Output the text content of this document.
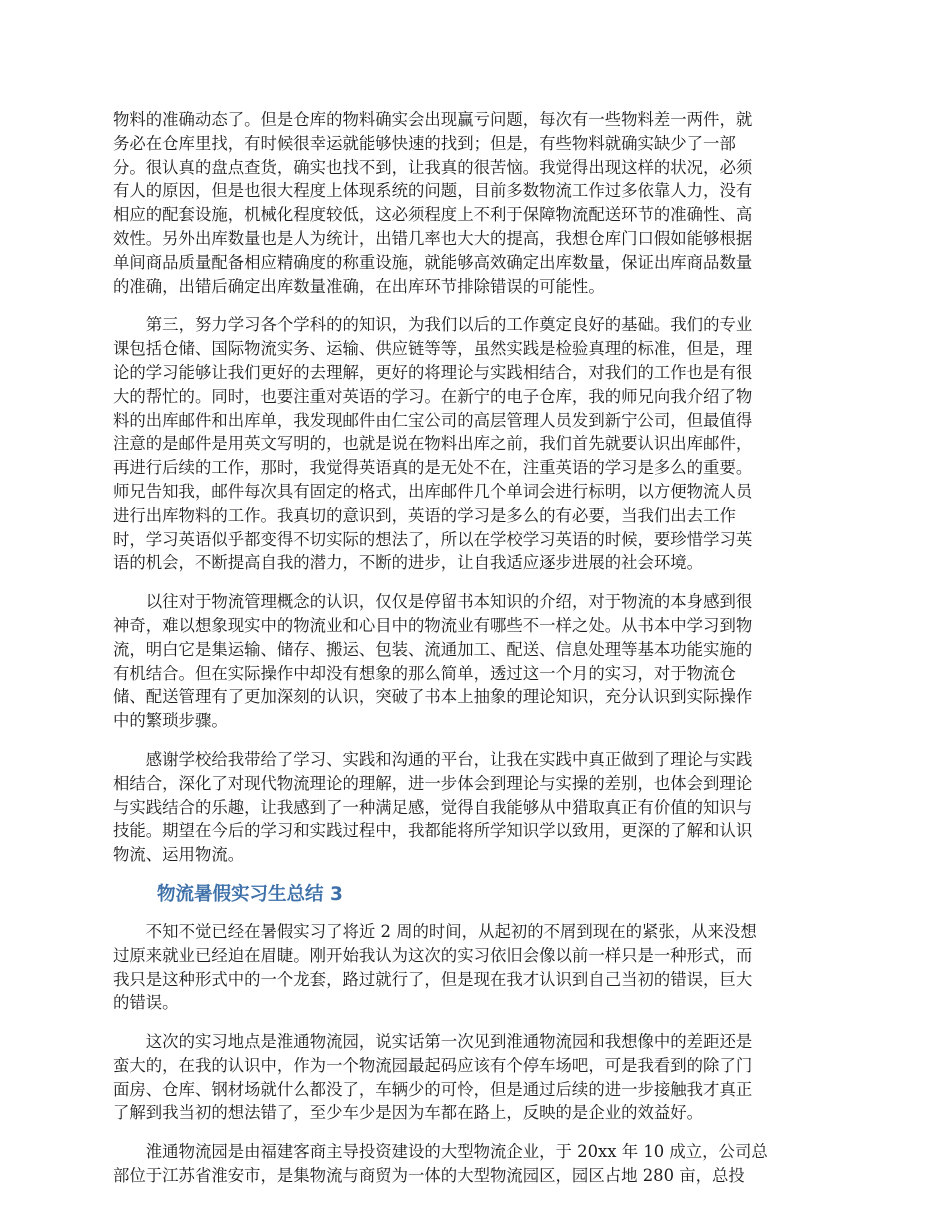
物料的准确动态了。但是仓库的物料确实会出现赢亏问题，每次有一些物料差一两件，就
务必在仓库里找，有时候很幸运就能够快速的找到；但是，有些物料就确实缺少了一部
分。很认真的盘点查货，确实也找不到，让我真的很苦恼。我觉得出现这样的状况，必须
有人的原因，但是也很大程度上体现系统的问题，目前多数物流工作过多依靠人力，没有
相应的配套设施，机械化程度较低，这必须程度上不利于保障物流配送环节的准确性、高
效性。另外出库数量也是人为统计，出错几率也大大的提高，我想仓库门口假如能够根据
单间商品质量配备相应精确度的称重设施，就能够高效确定出库数量，保证出库商品数量
的准确，出错后确定出库数量准确，在出库环节排除错误的可能性。

第三，努力学习各个学科的的知识，为我们以后的工作奠定良好的基础。我们的专业
课包括仓储、国际物流实务、运输、供应链等等，虽然实践是检验真理的标准，但是，理
论的学习能够让我们更好的去理解，更好的将理论与实践相结合，对我们的工作也是有很
大的帮忙的。同时，也要注重对英语的学习。在新宁的电子仓库，我的师兄向我介绍了物
料的出库邮件和出库单，我发现邮件由仁宝公司的高层管理人员发到新宁公司，但最值得
注意的是邮件是用英文写明的，也就是说在物料出库之前，我们首先就要认识出库邮件，
再进行后续的工作，那时，我觉得英语真的是无处不在，注重英语的学习是多么的重要。
师兄告知我，邮件每次具有固定的格式，出库邮件几个单词会进行标明，以方便物流人员
进行出库物料的工作。我真切的意识到，英语的学习是多么的有必要，当我们出去工作
时，学习英语似乎都变得不切实际的想法了，所以在学校学习英语的时候，要珍惜学习英
语的机会，不断提高自我的潜力，不断的进步，让自我适应逐步进展的社会环境。

以往对于物流管理概念的认识，仅仅是停留书本知识的介绍，对于物流的本身感到很
神奇，难以想象现实中的物流业和心目中的物流业有哪些不一样之处。从书本中学习到物
流，明白它是集运输、储存、搬运、包装、流通加工、配送、信息处理等基本功能实施的
有机结合。但在实际操作中却没有想象的那么简单，透过这一个月的实习，对于物流仓
储、配送管理有了更加深刻的认识，突破了书本上抽象的理论知识，充分认识到实际操作
中的繁琐步骤。

感谢学校给我带给了学习、实践和沟通的平台，让我在实践中真正做到了理论与实践
相结合，深化了对现代物流理论的理解，进一步体会到理论与实操的差别，也体会到理论
与实践结合的乐趣，让我感到了一种满足感，觉得自我能够从中猎取真正有价值的知识与
技能。期望在今后的学习和实践过程中，我都能将所学知识学以致用，更深的了解和认识
物流、运用物流。

物流暑假实习生总结 3

不知不觉已经在暑假实习了将近 2 周的时间，从起初的不屑到现在的紧张，从来没想
过原来就业已经迫在眉睫。刚开始我认为这次的实习依旧会像以前一样只是一种形式，而
我只是这种形式中的一个龙套，路过就行了，但是现在我才认识到自己当初的错误，巨大
的错误。

这次的实习地点是淮通物流园，说实话第一次见到淮通物流园和我想像中的差距还是
蛮大的，在我的认识中，作为一个物流园最起码应该有个停车场吧，可是我看到的除了门
面房、仓库、钢材场就什么都没了，车辆少的可怜，但是通过后续的进一步接触我才真正
了解到我当初的想法错了，至少车少是因为车都在路上，反映的是企业的效益好。

淮通物流园是由福建客商主导投资建设的大型物流企业，于 20xx 年 10 成立，公司总
部位于江苏省淮安市，是集物流与商贸为一体的大型物流园区，园区占地 280 亩，总投
